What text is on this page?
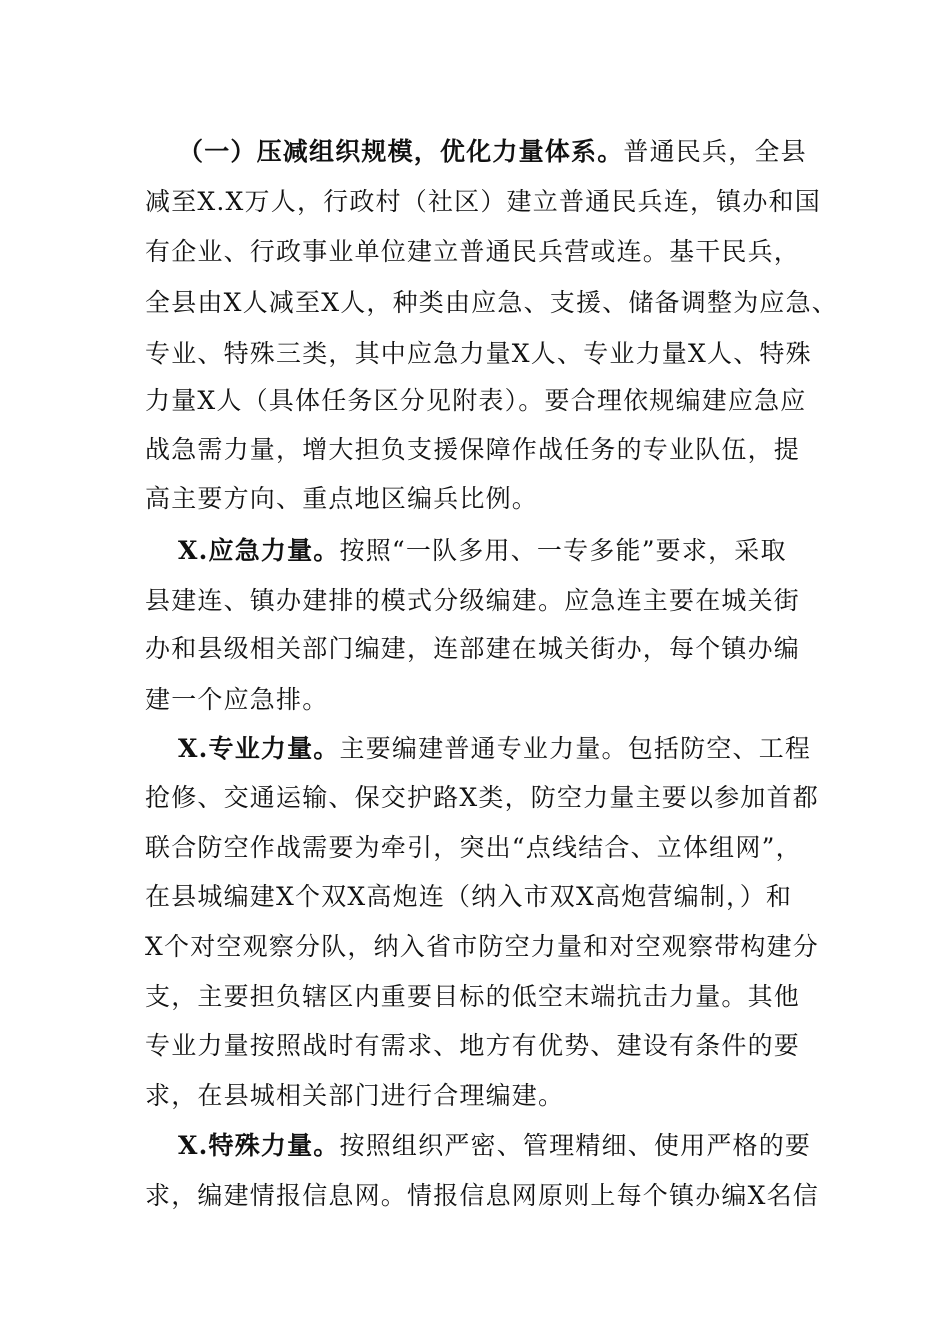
（一）压减组织规模，优化力量体系。普通民兵，全县
减至X.X万人，行政村（社区）建立普通民兵连，镇办和国
有企业、行政事业单位建立普通民兵营或连。基干民兵，
全县由X人减至X人，种类由应急、支援、储备调整为应急、
专业、特殊三类，其中应急力量X人、专业力量X人、特殊
力量X人（具体任务区分见附表）。要合理依规编建应急应
战急需力量，增大担负支援保障作战任务的专业队伍，提
高主要方向、重点地区编兵比例。
X.应急力量。按照“一队多用、一专多能”要求，采取
县建连、镇办建排的模式分级编建。应急连主要在城关街
办和县级相关部门编建，连部建在城关街办，每个镇办编
建一个应急排。
X.专业力量。主要编建普通专业力量。包括防空、工程
抢修、交通运输、保交护路X类，防空力量主要以参加首都
联合防空作战需要为牵引，突出“点线结合、立体组网”，
在县城编建X个双X高炮连（纳入市双X高炮营编制，）和
X个对空观察分队，纳入省市防空力量和对空观察带构建分
支，主要担负辖区内重要目标的低空末端抗击力量。其他
专业力量按照战时有需求、地方有优势、建设有条件的要
求，在县城相关部门进行合理编建。
X.特殊力量。按照组织严密、管理精细、使用严格的要
求，编建情报信息网。情报信息网原则上每个镇办编X名信
